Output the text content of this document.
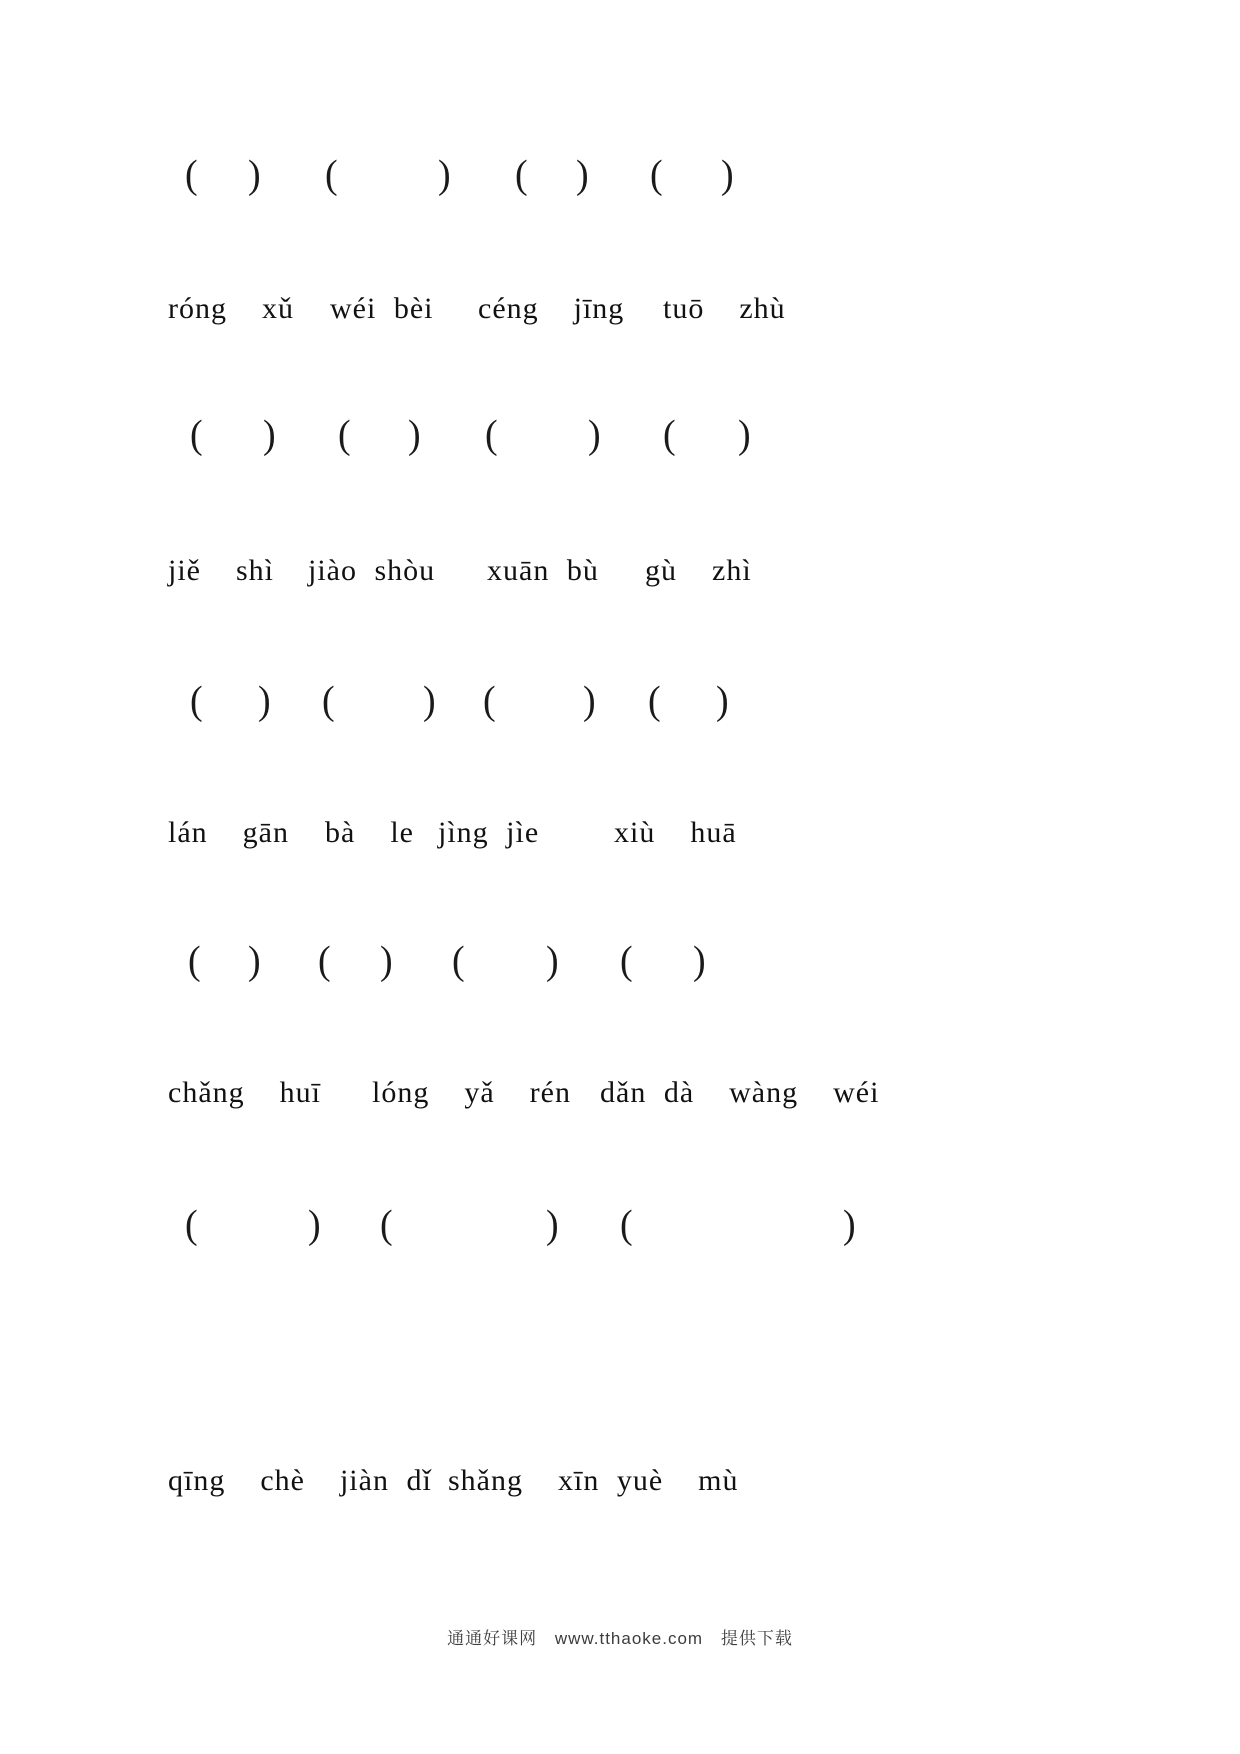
( ) (	) ( ) ( )
róng  xǔ wéi bèi céng  jīng tuō  zhù
( ) ( ) ( ) ( )
jiě  shì jiào shòu xuān bù gù  zhì
( ) ( ) ( ) ( )
lán  gān bà  le jìng jìe xiù  huā
( ) ( ) ( ) ( )
chǎng  huī lóng  yǎ  rén dǎn dà  wàng  wéi
(	) (	) (	)
qīng  chè  jiàn dǐ shǎng  xīn yuè  mù
通通好课网 www.tthaoke.com 提供下载
